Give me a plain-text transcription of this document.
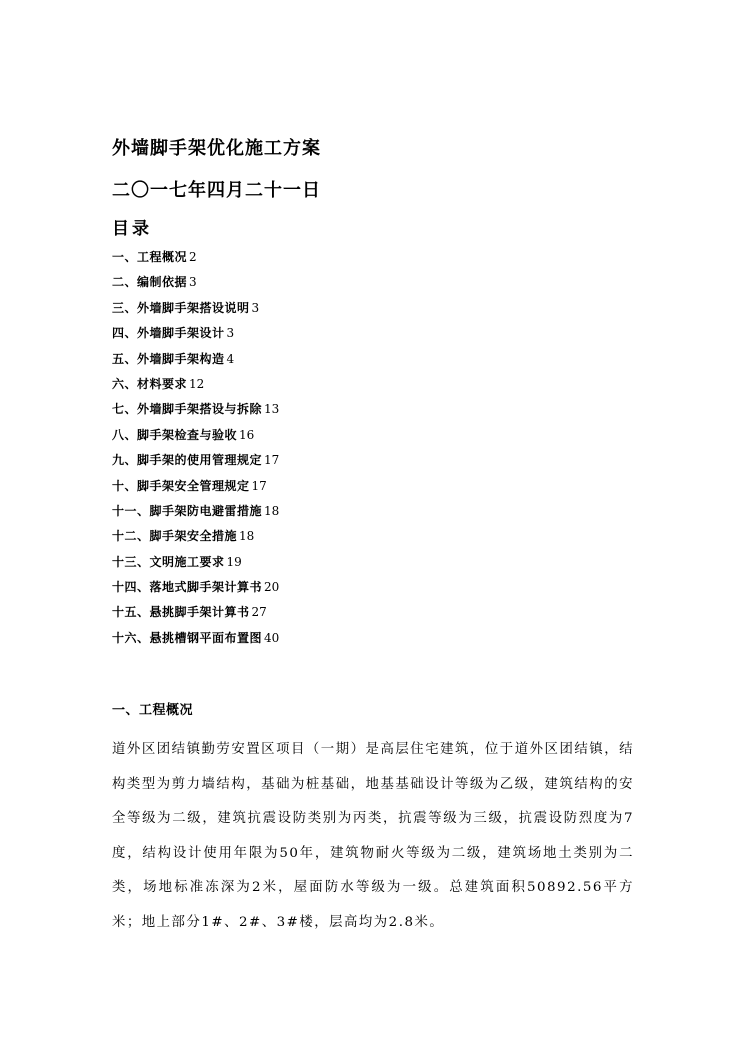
外墙脚手架优化施工方案
二〇一七年四月二十一日
目录
一、工程概况 2
二、编制依据 3
三、外墙脚手架搭设说明 3
四、外墙脚手架设计 3
五、外墙脚手架构造 4
六、材料要求 12
七、外墙脚手架搭设与拆除 13
八、脚手架检查与验收 16
九、脚手架的使用管理规定 17
十、脚手架安全管理规定 17
十一、脚手架防电避雷措施 18
十二、脚手架安全措施 18
十三、文明施工要求 19
十四、落地式脚手架计算书 20
十五、悬挑脚手架计算书 27
十六、悬挑槽钢平面布置图 40
一、工程概况

道外区团结镇勤劳安置区项目（一期）是高层住宅建筑，位于道外区团结镇，结构类型为剪力墙结构，基础为桩基础，地基基础设计等级为乙级，建筑结构的安全等级为二级，建筑抗震设防类别为丙类，抗震等级为三级，抗震设防烈度为7度，结构设计使用年限为50年，建筑物耐火等级为二级，建筑场地土类别为二类，场地标准冻深为2米，屋面防水等级为一级。总建筑面积50892.56平方米；地上部分1#、2#、3#楼，层高均为2.8米。
